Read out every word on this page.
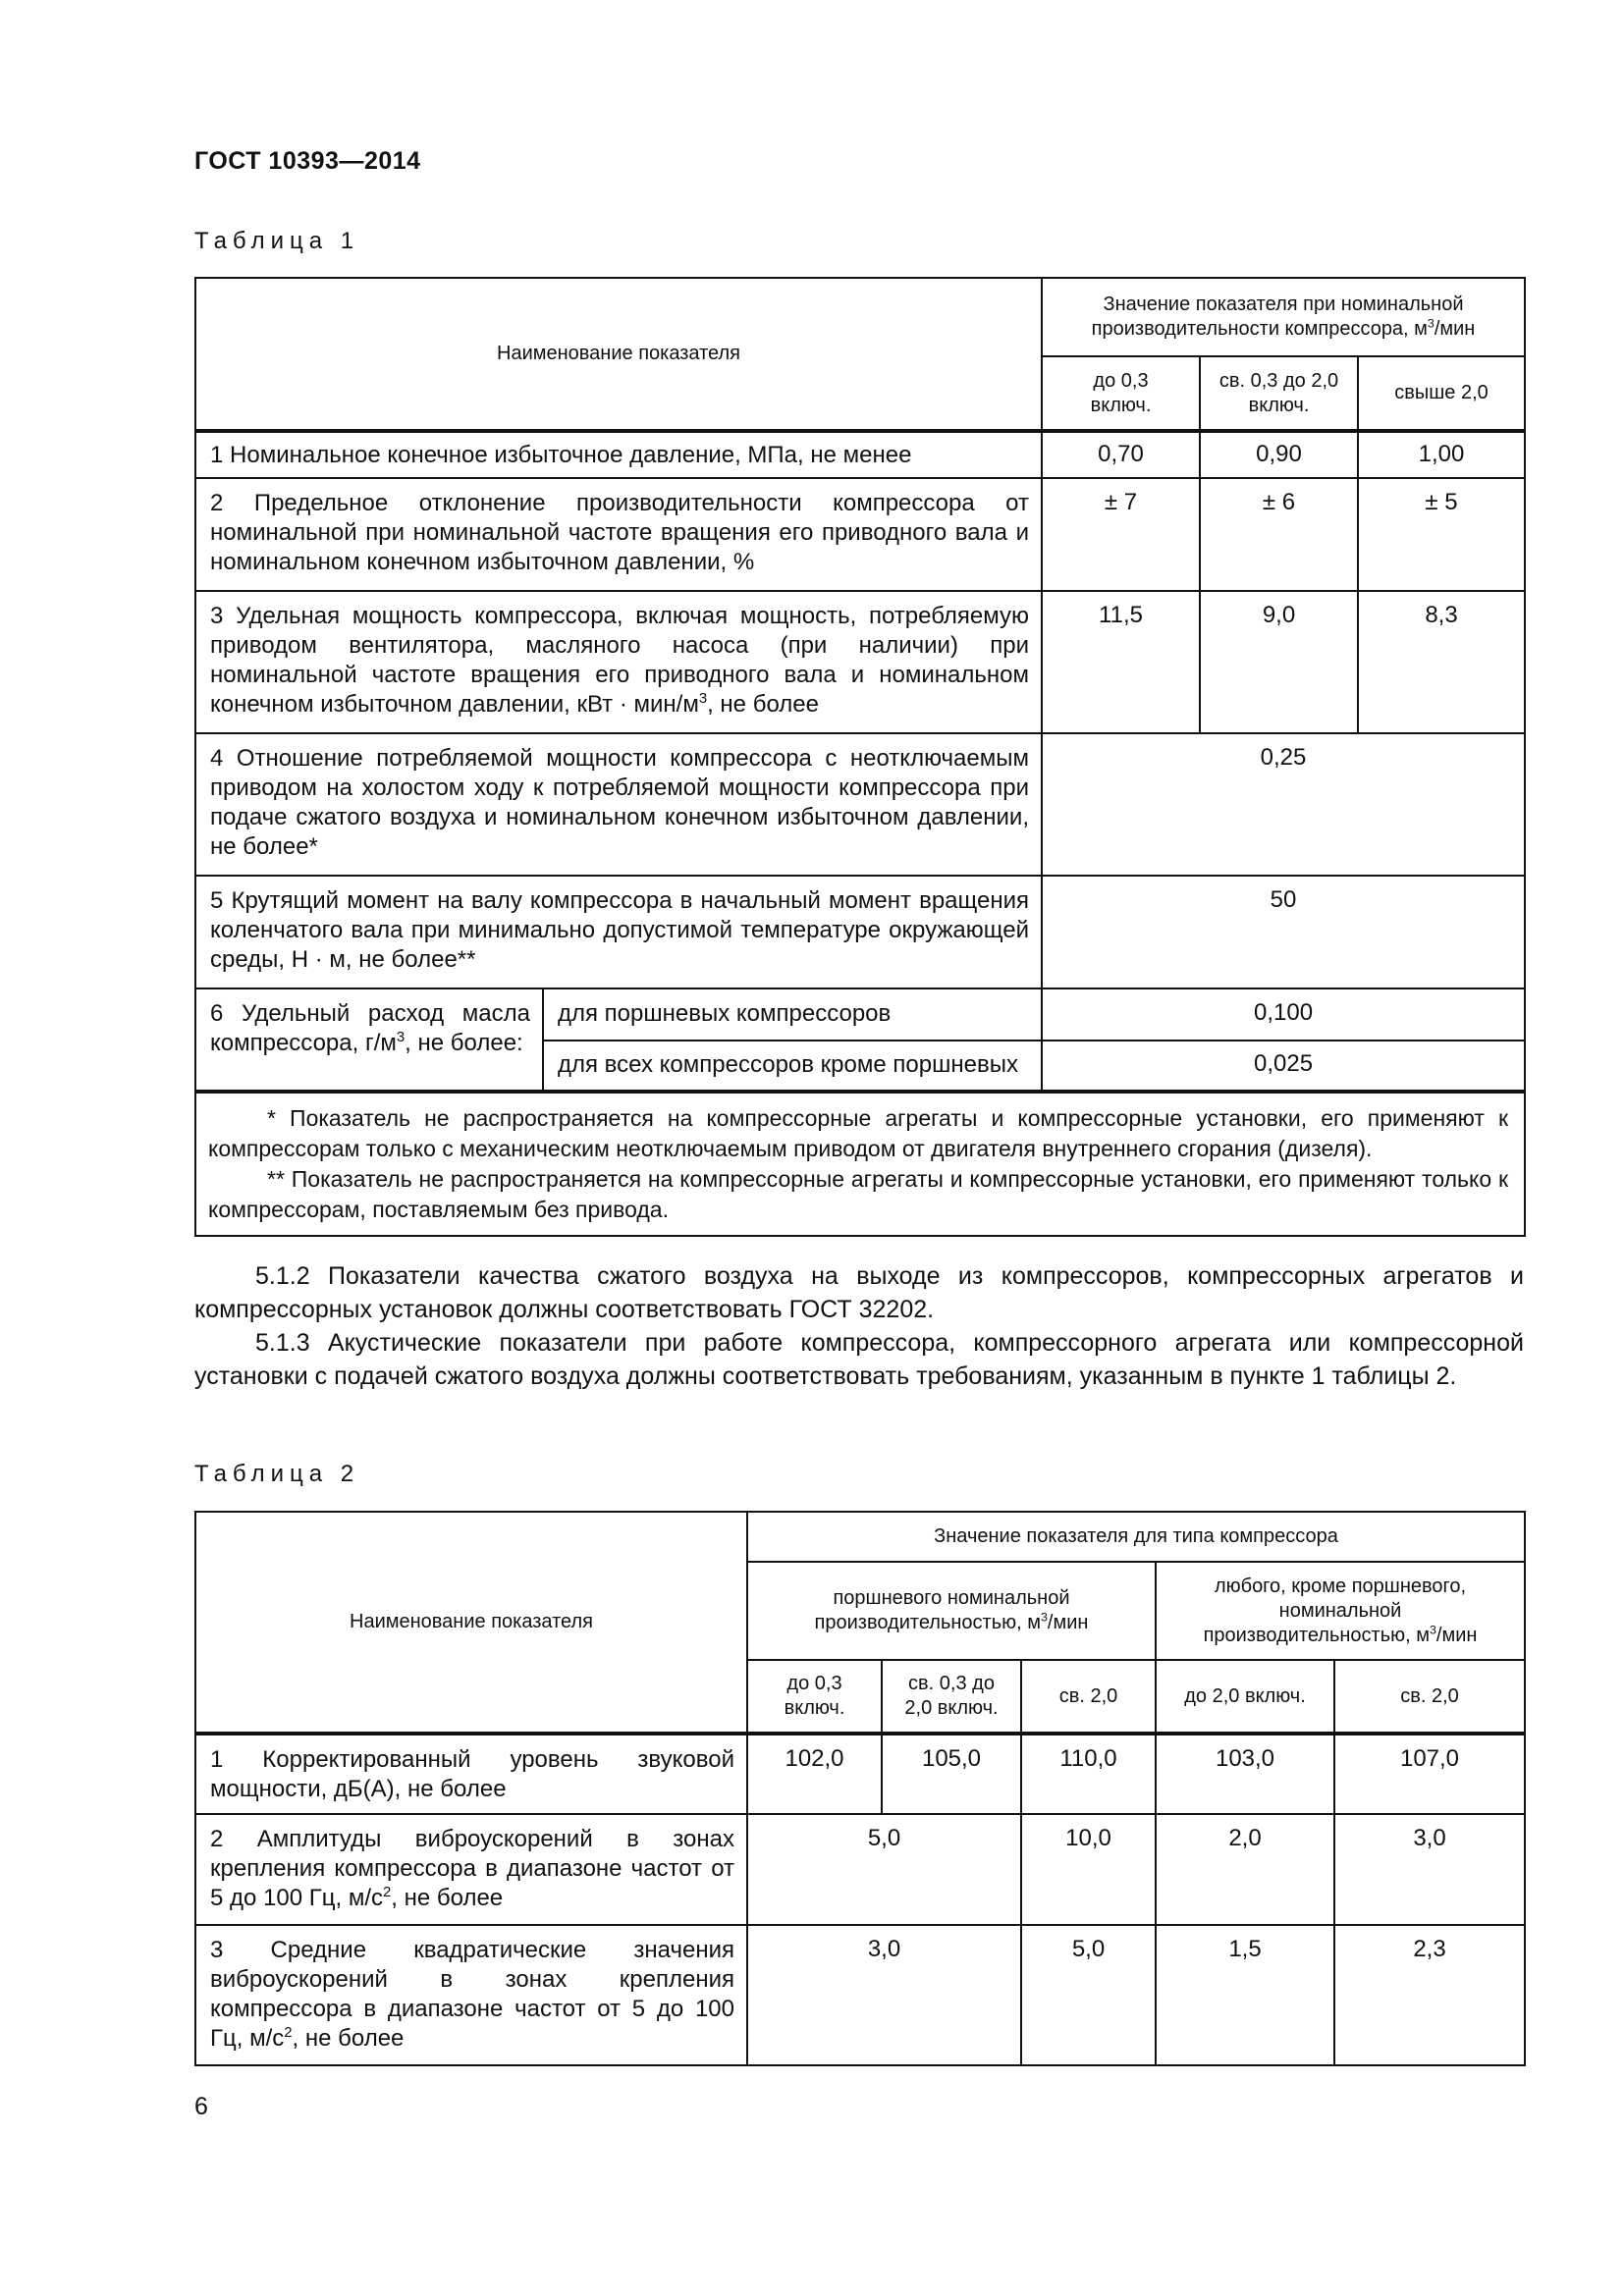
ГОСТ 10393—2014
Таблица 1
Наименование показателя		Значение показателя при номинальной производительности компрессора, $м^3$/мин		
		до 0,3 включ.	св. 0,3 до 2,0 включ.	свыше 2,0
1 Номинальное конечное избыточное давление, МПа, не менее		0,70	0,90	1,00
2 Предельное отклонение производительности компрессора от номинальной при номинальной частоте вращения его приводного вала и номинальном конечном избыточном давлении, %		± 7	± 6	± 5
3 Удельная мощность компрессора, включая мощность, потребляемую приводом вентилятора, масляного насоса (при наличии) при номинальной частоте вращения его приводного вала и номинальном конечном избыточном давлении, кВт · мин/$м^3$, не более		11,5	9,0	8,3
4 Отношение потребляемой мощности компрессора с неотключаемым приводом на холостом ходу к потребляемой мощности компрессора при подаче сжатого воздуха и номинальном конечном избыточном давлении, не более*		0,25		
5 Крутящий момент на валу компрессора в начальный момент вращения коленчатого вала при минимально допустимой температуре окружающей среды, Н · м, не более**		50		
6 Удельный расход масла компрессора, $г/м^3$, не более:	для поршневых компрессоров	0,100		
	для всех компрессоров кроме поршневых	0,025		

* Показатель не распространяется на компрессорные агрегаты и компрессорные установки, его применяют к компрессорам только с механическим неотключаемым приводом от двигателя внутреннего сгорания (дизеля).

** Показатель не распространяется на компрессорные агрегаты и компрессорные установки, его применяют только к компрессорам, поставляемым без привода.				

5.1.2 Показатели качества сжатого воздуха на выходе из компрессоров, компрессорных агрегатов и компрессорных установок должны соответствовать ГОСТ 32202.

5.1.3 Акустические показатели при работе компрессора, компрессорного агрегата или компрессорной установки с подачей сжатого воздуха должны соответствовать требованиям, указанным в пункте 1 таблицы 2.

Таблица 2
Наименование показателя	Значение показателя для типа компрессора				
	поршневого номинальной производительностью, $м^3$/мин			любого, кроме поршневого, номинальной производительностью, $м^3$/мин	
	до 0,3 включ.	св. 0,3 до 2,0 включ.	св. 2,0	до 2,0 включ.	св. 2,0
1 Корректированный уровень звуковой мощности, дБ(А), не более	102,0	105,0	110,0	103,0	107,0
2 Амплитуды виброускорений в зонах крепления компрессора в диапазоне частот от 5 до 100 Гц, $м/с^2$, не более	5,0		10,0	2,0	3,0
3 Средние квадратические значения виброускорений в зонах крепления компрессора в диапазоне частот от 5 до 100 Гц, $м/с^2$, не более	3,0		5,0	1,5	2,3
6
